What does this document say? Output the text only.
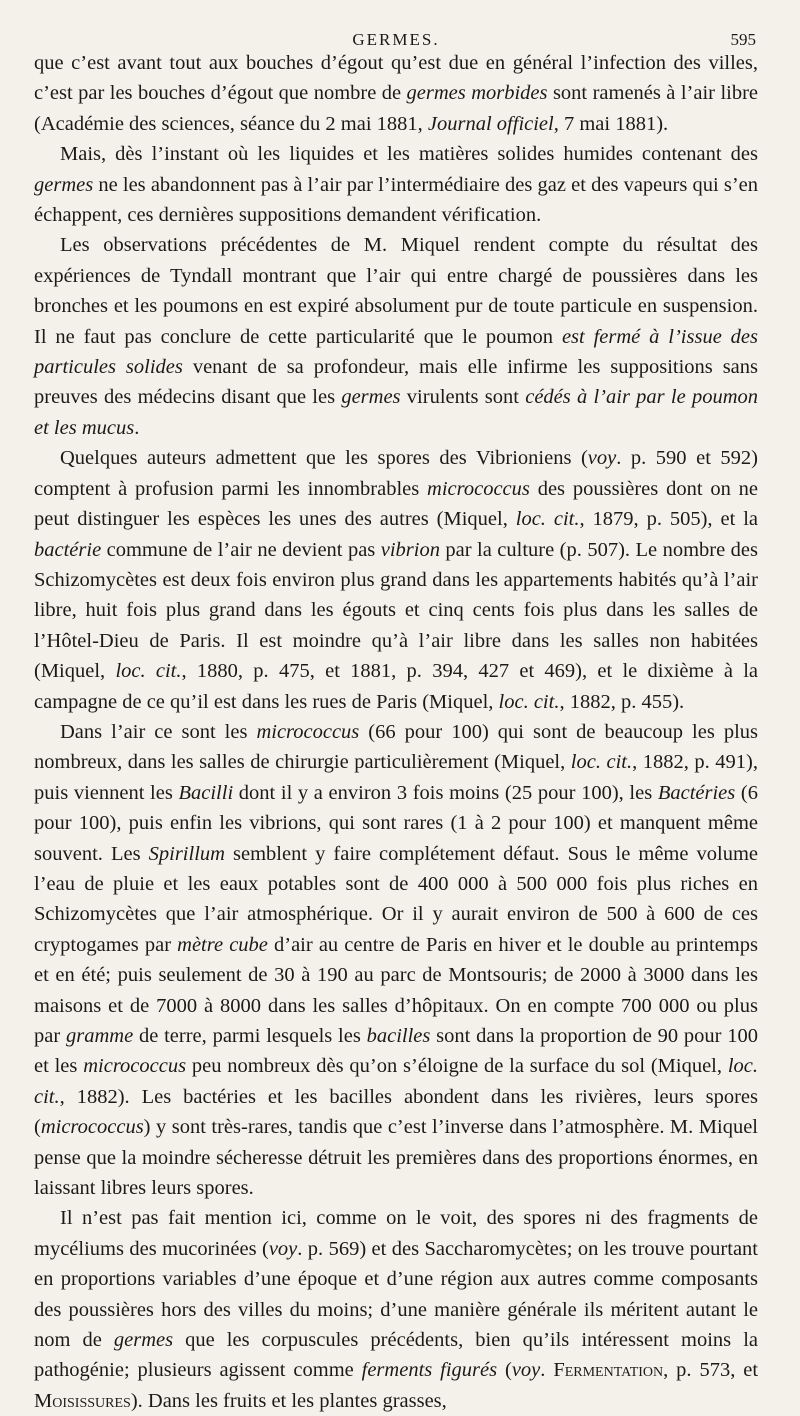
GERMES.	595

que c’est avant tout aux bouches d’égout qu’est due en général l’infection des villes, c’est par les bouches d’égout que nombre de germes morbides sont ramenés à l’air libre (Académie des sciences, séance du 2 mai 1881, Journal officiel, 7 mai 1881).

Mais, dès l’instant où les liquides et les matières solides humides contenant des germes ne les abandonnent pas à l’air par l’intermédiaire des gaz et des vapeurs qui s’en échappent, ces dernières suppositions demandent vérification.

Les observations précédentes de M. Miquel rendent compte du résultat des expériences de Tyndall montrant que l’air qui entre chargé de poussières dans les bronches et les poumons en est expiré absolument pur de toute particule en suspension. Il ne faut pas conclure de cette particularité que le poumon est fermé à l’issue des particules solides venant de sa profondeur, mais elle infirme les suppositions sans preuves des médecins disant que les germes virulents sont cédés à l’air par le poumon et les mucus.

Quelques auteurs admettent que les spores des Vibrioniens (voy. p. 590 et 592) comptent à profusion parmi les innombrables micrococcus des poussières dont on ne peut distinguer les espèces les unes des autres (Miquel, loc. cit., 1879, p. 505), et la bactérie commune de l’air ne devient pas vibrion par la culture (p. 507). Le nombre des Schizomycètes est deux fois environ plus grand dans les appartements habités qu’à l’air libre, huit fois plus grand dans les égouts et cinq cents fois plus dans les salles de l’Hôtel-Dieu de Paris. Il est moindre qu’à l’air libre dans les salles non habitées (Miquel, loc. cit., 1880, p. 475, et 1881, p. 394, 427 et 469), et le dixième à la campagne de ce qu’il est dans les rues de Paris (Miquel, loc. cit., 1882, p. 455).

Dans l’air ce sont les micrococcus (66 pour 100) qui sont de beaucoup les plus nombreux, dans les salles de chirurgie particulièrement (Miquel, loc. cit., 1882, p. 491), puis viennent les Bacilli dont il y a environ 3 fois moins (25 pour 100), les Bactéries (6 pour 100), puis enfin les vibrions, qui sont rares (1 à 2 pour 100) et manquent même souvent. Les Spirillum semblent y faire complétement défaut. Sous le même volume l’eau de pluie et les eaux potables sont de 400 000 à 500 000 fois plus riches en Schizomycètes que l’air atmosphérique. Or il y aurait environ de 500 à 600 de ces cryptogames par mètre cube d’air au centre de Paris en hiver et le double au printemps et en été; puis seulement de 30 à 190 au parc de Montsouris; de 2000 à 3000 dans les maisons et de 7000 à 8000 dans les salles d’hôpitaux. On en compte 700 000 ou plus par gramme de terre, parmi lesquels les bacilles sont dans la proportion de 90 pour 100 et les micrococcus peu nombreux dès qu’on s’éloigne de la surface du sol (Miquel, loc. cit., 1882). Les bactéries et les bacilles abondent dans les rivières, leurs spores (micrococcus) y sont très-rares, tandis que c’est l’inverse dans l’atmosphère. M. Miquel pense que la moindre sécheresse détruit les premières dans des proportions énormes, en laissant libres leurs spores.

Il n’est pas fait mention ici, comme on le voit, des spores ni des fragments de mycéliums des mucorinées (voy. p. 569) et des Saccharomycètes; on les trouve pourtant en proportions variables d’une époque et d’une région aux autres comme composants des poussières hors des villes du moins; d’une manière générale ils méritent autant le nom de germes que les corpuscules précédents, bien qu’ils intéressent moins la pathogénie; plusieurs agissent comme ferments figurés (voy. Fermentation, p. 573, et Moisissures). Dans les fruits et les plantes grasses,
